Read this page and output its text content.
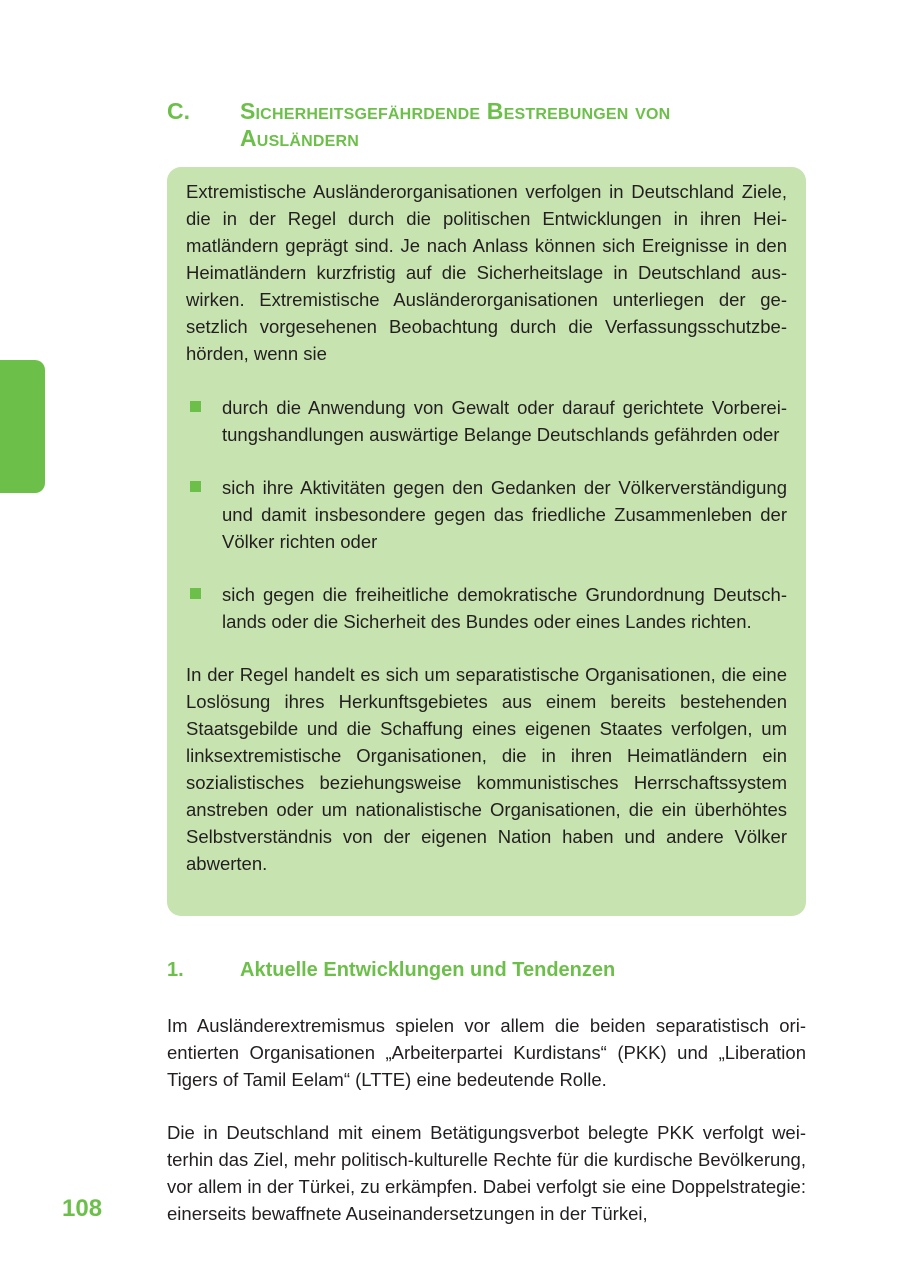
C. Sicherheitsgefährdende Bestrebungen von
Ausländern

Extremistische Ausländerorganisationen verfolgen in Deutschland Ziele, die in der Regel durch die politischen Entwicklungen in ihren Heimatländern geprägt sind. Je nach Anlass können sich Ereignisse in den Heimatländern kurzfristig auf die Sicherheitslage in Deutschland auswirken. Extremistische Ausländerorganisationen unterliegen der gesetzlich vorgesehenen Beobachtung durch die Verfassungsschutzbehörden, wenn sie

durch die Anwendung von Gewalt oder darauf gerichtete Vorbereitungshandlungen auswärtige Belange Deutschlands gefährden oder

sich ihre Aktivitäten gegen den Gedanken der Völkerverständigung und damit insbesondere gegen das friedliche Zusammenleben der Völker richten oder

sich gegen die freiheitliche demokratische Grundordnung Deutschlands oder die Sicherheit des Bundes oder eines Landes richten.

In der Regel handelt es sich um separatistische Organisationen, die eine Loslösung ihres Herkunftsgebietes aus einem bereits bestehenden Staatsgebilde und die Schaffung eines eigenen Staates verfolgen, um linksextremistische Organisationen, die in ihren Heimatländern ein sozialistisches beziehungsweise kommunistisches Herrschaftssystem anstreben oder um nationalistische Organisationen, die ein überhöhtes Selbstverständnis von der eigenen Nation haben und andere Völker abwerten.

1.	Aktuelle Entwicklungen und Tendenzen

Im Ausländerextremismus spielen vor allem die beiden separatistisch orientierten Organisationen „Arbeiterpartei Kurdistans“ (PKK) und „Liberation Tigers of Tamil Eelam“ (LTTE) eine bedeutende Rolle.

Die in Deutschland mit einem Betätigungsverbot belegte PKK verfolgt weiterhin das Ziel, mehr politisch-kulturelle Rechte für die kurdische Bevölkerung, vor allem in der Türkei, zu erkämpfen. Dabei verfolgt sie eine Doppelstrategie: einerseits bewaffnete Auseinandersetzungen in der Türkei,

108
